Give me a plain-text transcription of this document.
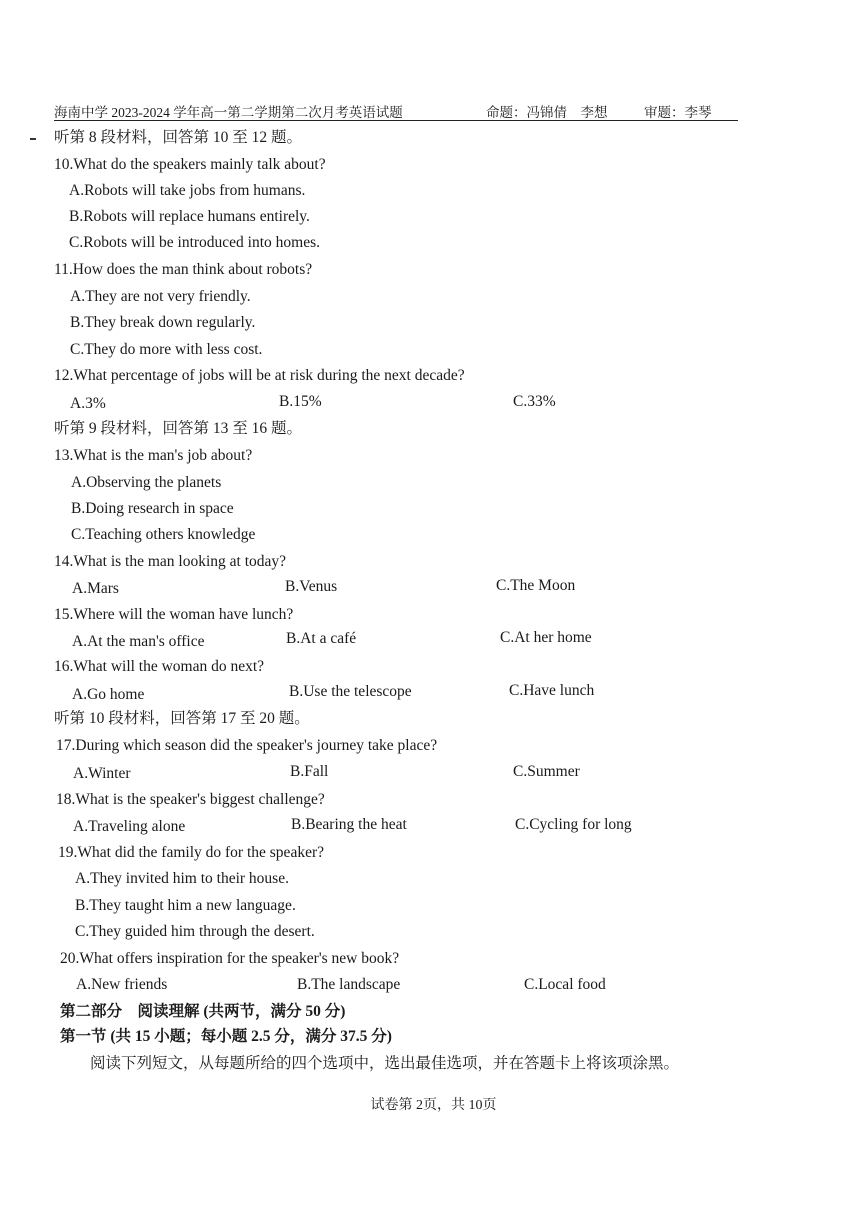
海南中学 2023-2024 学年高一第二学期第二次月考英语试题	命题：冯锦倩　李想	审题：李琴
听第 8 段材料，回答第 10 至 12 题。
10.What do the speakers mainly talk about?
A.Robots will take jobs from humans.
B.Robots will replace humans entirely.
C.Robots will be introduced into homes.
11.How does the man think about robots?
A.They are not very friendly.
B.They break down regularly.
C.They do more with less cost.
12.What percentage of jobs will be at risk during the next decade?
A.3%	B.15%	C.33%
听第 9 段材料，回答第 13 至 16 题。
13.What is the man's job about?
A.Observing the planets
B.Doing research in space
C.Teaching others knowledge
14.What is the man looking at today?
A.Mars	B.Venus	C.The Moon
15.Where will the woman have lunch?
A.At the man's office	B.At a café	C.At her home
16.What will the woman do next?
A.Go home	B.Use the telescope	C.Have lunch
听第 10 段材料，回答第 17 至 20 题。
17.During which season did the speaker's journey take place?
A.Winter	B.Fall	C.Summer
18.What is the speaker's biggest challenge?
A.Traveling alone	B.Bearing the heat	C.Cycling for long
19.What did the family do for the speaker?
A.They invited him to their house.
B.They taught him a new language.
C.They guided him through the desert.
20.What offers inspiration for the speaker's new book?
A.New friends	B.The landscape	C.Local food
第二部分　阅读理解 (共两节，满分 50 分)
第一节 (共 15 小题；每小题 2.5 分，满分 37.5 分)
阅读下列短文，从每题所给的四个选项中，选出最佳选项，并在答题卡上将该项涂黑。
试卷第 2页，共 10页
